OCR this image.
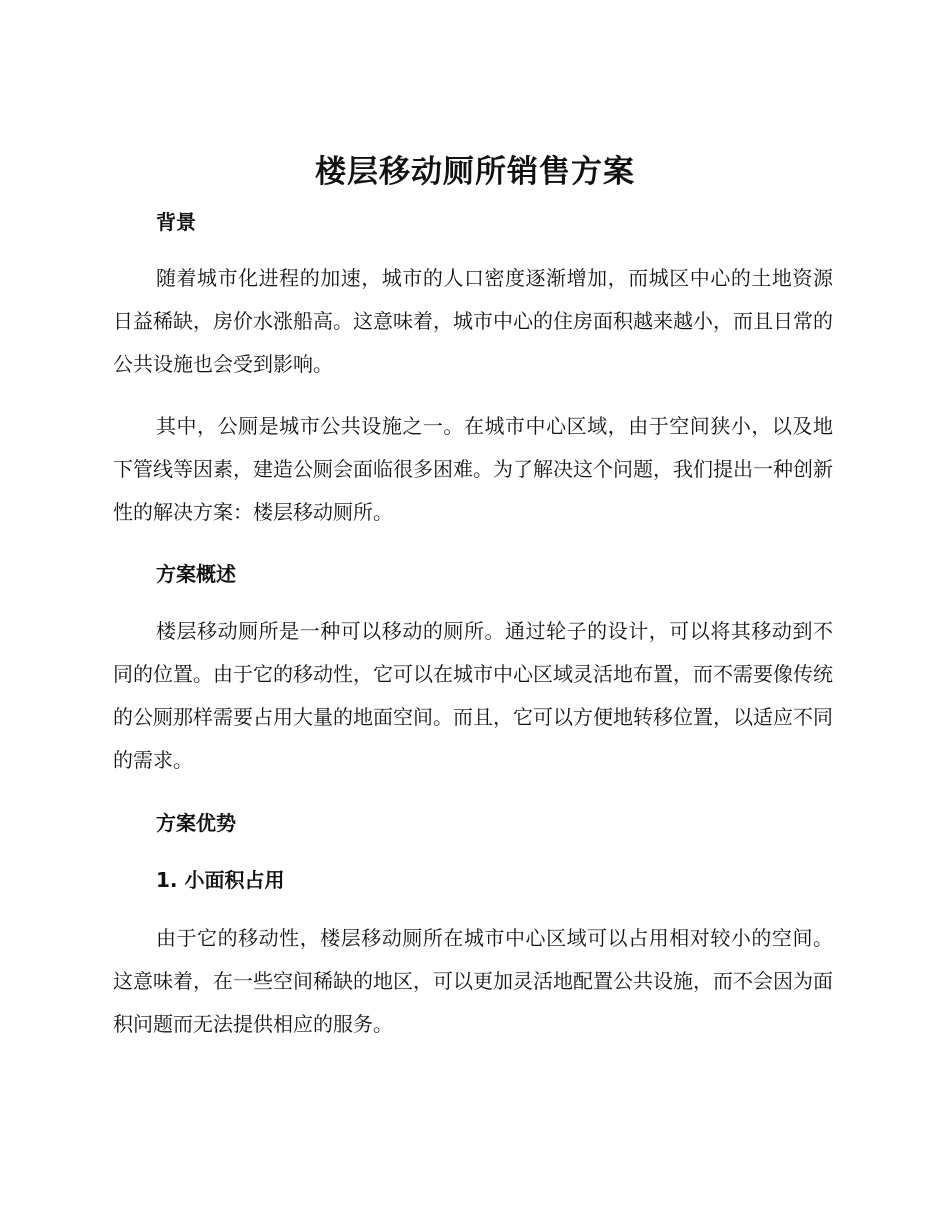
楼层移动厕所销售方案
背景

随着城市化进程的加速，城市的人口密度逐渐增加，而城区中心的土地资源日益稀缺，房价水涨船高。这意味着，城市中心的住房面积越来越小，而且日常的公共设施也会受到影响。

其中，公厕是城市公共设施之一。在城市中心区域，由于空间狭小，以及地下管线等因素，建造公厕会面临很多困难。为了解决这个问题，我们提出一种创新性的解决方案：楼层移动厕所。

方案概述

楼层移动厕所是一种可以移动的厕所。通过轮子的设计，可以将其移动到不同的位置。由于它的移动性，它可以在城市中心区域灵活地布置，而不需要像传统的公厕那样需要占用大量的地面空间。而且，它可以方便地转移位置，以适应不同的需求。

方案优势
1. 小面积占用

由于它的移动性，楼层移动厕所在城市中心区域可以占用相对较小的空间。这意味着，在一些空间稀缺的地区，可以更加灵活地配置公共设施，而不会因为面积问题而无法提供相应的服务。
